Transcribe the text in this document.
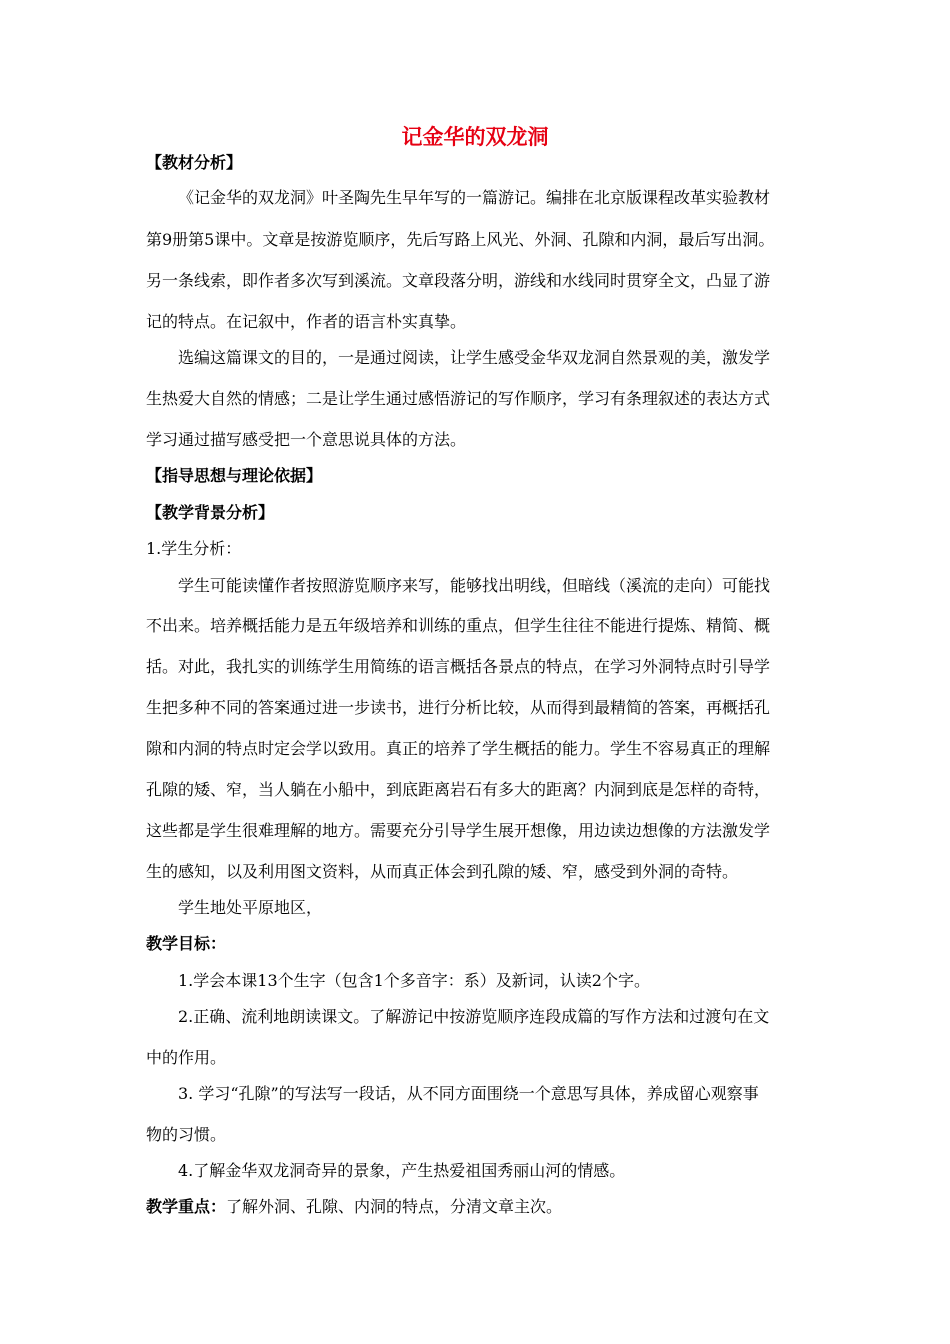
记金华的双龙洞
【教材分析】
《记金华的双龙洞》叶圣陶先生早年写的一篇游记。编排在北京版课程改革实验教材
第9册第5课中。文章是按游览顺序，先后写路上风光、外洞、孔隙和内洞，最后写出洞。
另一条线索，即作者多次写到溪流。文章段落分明，游线和水线同时贯穿全文，凸显了游
记的特点。在记叙中，作者的语言朴实真挚。
选编这篇课文的目的，一是通过阅读，让学生感受金华双龙洞自然景观的美，激发学
生热爱大自然的情感；二是让学生通过感悟游记的写作顺序，学习有条理叙述的表达方式
学习通过描写感受把一个意思说具体的方法。
【指导思想与理论依据】
【教学背景分析】
1.学生分析：
学生可能读懂作者按照游览顺序来写，能够找出明线，但暗线（溪流的走向）可能找
不出来。培养概括能力是五年级培养和训练的重点，但学生往往不能进行提炼、精简、概
括。对此，我扎实的训练学生用简练的语言概括各景点的特点，在学习外洞特点时引导学
生把多种不同的答案通过进一步读书，进行分析比较，从而得到最精简的答案，再概括孔
隙和内洞的特点时定会学以致用。真正的培养了学生概括的能力。学生不容易真正的理解
孔隙的矮、窄，当人躺在小船中，到底距离岩石有多大的距离？内洞到底是怎样的奇特，
这些都是学生很难理解的地方。需要充分引导学生展开想像，用边读边想像的方法激发学
生的感知，以及利用图文资料，从而真正体会到孔隙的矮、窄，感受到外洞的奇特。
学生地处平原地区，
教学目标：
1.学会本课13个生字（包含1个多音字：系）及新词，认读2个字。
2.正确、流利地朗读课文。了解游记中按游览顺序连段成篇的写作方法和过渡句在文
中的作用。
3. 学习“孔隙”的写法写一段话，从不同方面围绕一个意思写具体，养成留心观察事
物的习惯。
4.了解金华双龙洞奇异的景象，产生热爱祖国秀丽山河的情感。
教学重点：了解外洞、孔隙、内洞的特点，分清文章主次。
